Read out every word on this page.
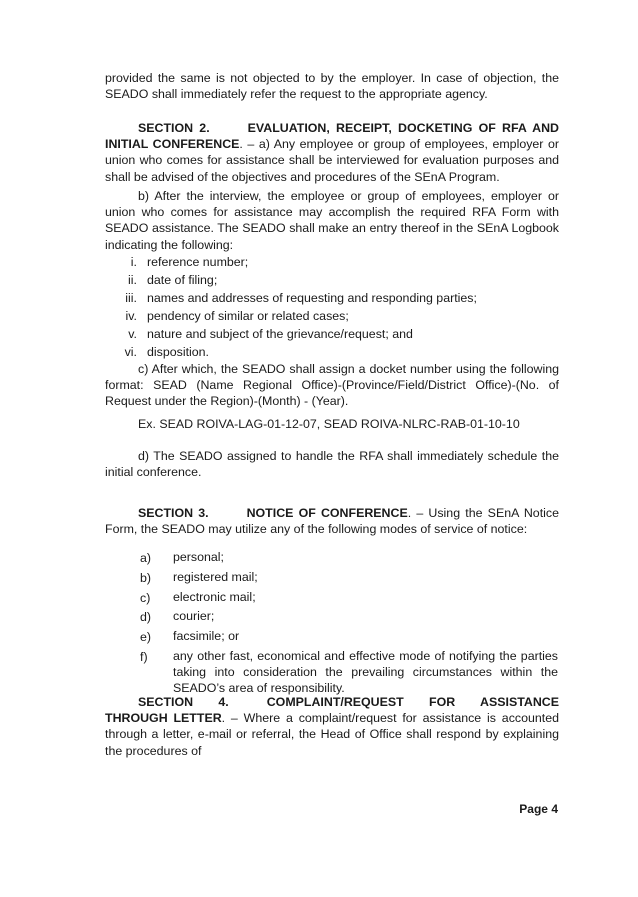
provided the same is not objected to by the employer. In case of objection, the SEADO shall immediately refer the request to the appropriate agency.

SECTION 2.	EVALUATION, RECEIPT, DOCKETING OF RFA AND INITIAL CONFERENCE. – a) Any employee or group of employees, employer or union who comes for assistance shall be interviewed for evaluation purposes and shall be advised of the objectives and procedures of the SEnA Program.

b) After the interview, the employee or group of employees, employer or union who comes for assistance may accomplish the required RFA Form with SEADO assistance. The SEADO shall make an entry thereof in the SEnA Logbook indicating the following:

i. reference number;
ii. date of filing;
iii. names and addresses of requesting and responding parties;
iv. pendency of similar or related cases;
v. nature and subject of the grievance/request; and
vi. disposition.

c) After which, the SEADO shall assign a docket number using the following format: SEAD (Name Regional Office)-(Province/Field/District Office)-(No. of Request under the Region)-(Month) - (Year).

Ex. SEAD ROIVA-LAG-01-12-07, SEAD ROIVA-NLRC-RAB-01-10-10

d) The SEADO assigned to handle the RFA shall immediately schedule the initial conference.

SECTION 3.	NOTICE OF CONFERENCE. – Using the SEnA Notice Form, the SEADO may utilize any of the following modes of service of notice:

a)	personal;
b)	registered mail;
c)	electronic mail;
d)	courier;
e)	facsimile; or
f)	any other fast, economical and effective mode of notifying the parties taking into consideration the prevailing circumstances within the SEADO’s area of responsibility.

SECTION 4.	COMPLAINT/REQUEST FOR ASSISTANCE THROUGH LETTER. – Where a complaint/request for assistance is accounted through a letter, e-mail or referral, the Head of Office shall respond by explaining the procedures of

Page 4
